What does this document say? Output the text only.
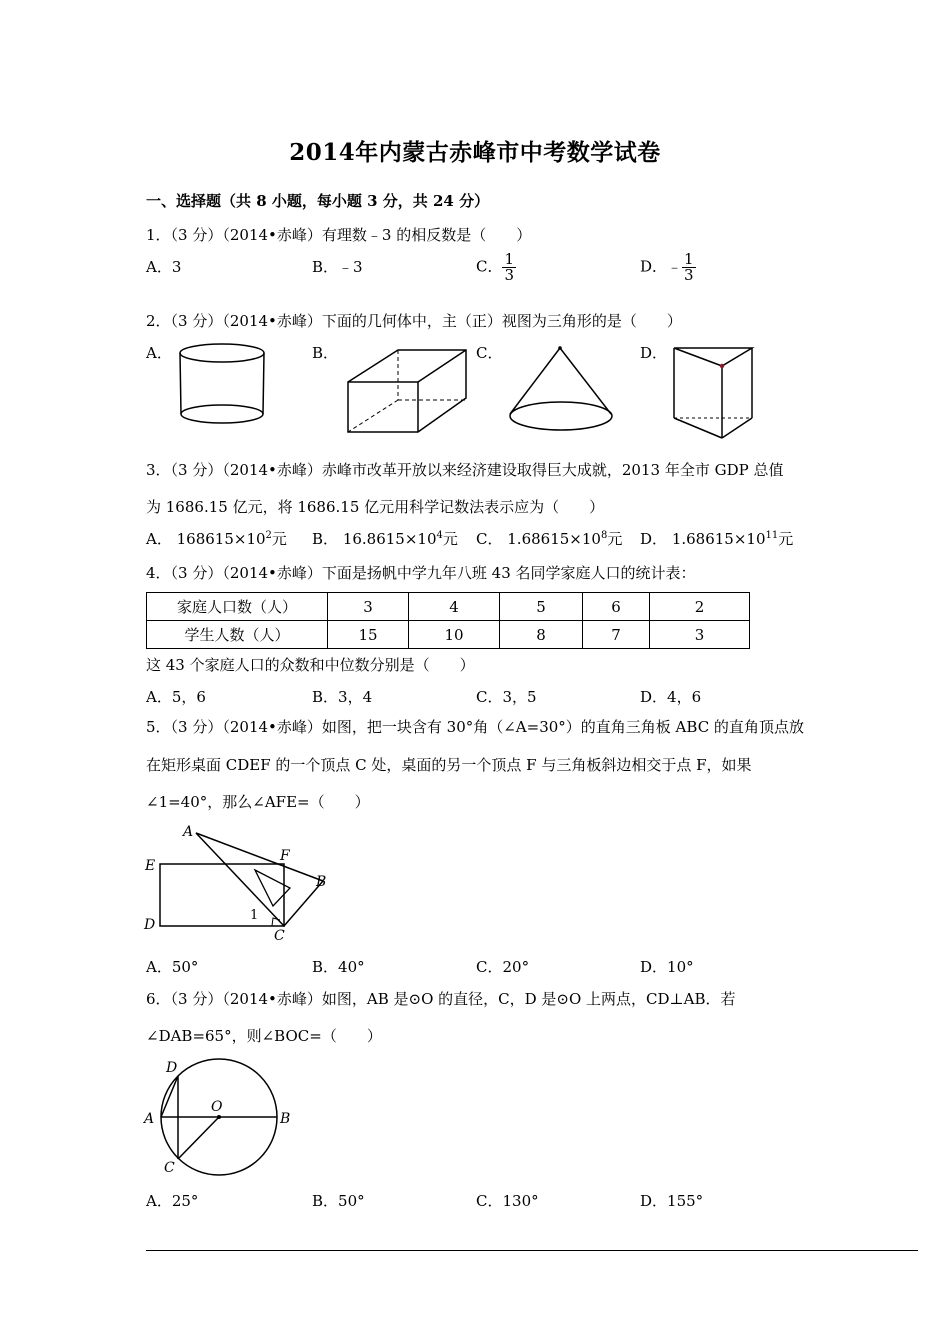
2014年内蒙古赤峰市中考数学试卷
一、选择题（共 8 小题，每小题 3 分，共 24 分）
1．（3 分）（2014•赤峰）有理数﹣3 的相反数是（　　）
A．3	B．﹣3	C． $\frac{1}{3}$	D．﹣ $\frac{1}{3}$
2．（3 分）（2014•赤峰）下面的几何体中，主（正）视图为三角形的是（　　）
A．	B．	C．	D．
3．（3 分）（2014•赤峰）赤峰市改革开放以来经济建设取得巨大成就，2013 年全市 GDP 总值
为 1686.15 亿元，将 1686.15 亿元用科学记数法表示应为（　　）
A． $168615\times 10^2$元 B． $16.8615\times 10^4$元 C． $1.68615\times 10^8$元 D． $1.68615\times 10^{11}$元
4．（3 分）（2014•赤峰）下面是扬帆中学九年八班 43 名同学家庭人口的统计表：
家庭人口数（人）	3	4	5	6	2
学生人数（人）	15	10	8	7	3
这 43 个家庭人口的众数和中位数分别是（　　）
A．5，6	B．3，4	C．3，5	D．4，6
5．（3 分）（2014•赤峰）如图，把一块含有 30°角（∠A=30°）的直角三角板 ABC 的直角顶点放
在矩形桌面 CDEF 的一个顶点 C 处，桌面的另一个顶点 F 与三角板斜边相交于点 F，如果
∠1=40°，那么∠AFE=（　　）
A
E
F
B
D
C
1
A．50°	B．40°	C．20°	D．10°
6．（3 分）（2014•赤峰）如图，AB 是⊙O 的直径，C，D 是⊙O 上两点，CD⊥AB．若
∠DAB=65°，则∠BOC=（　　）
D
A
O
B
C
A．25°	B．50°	C．130°	D．155°
